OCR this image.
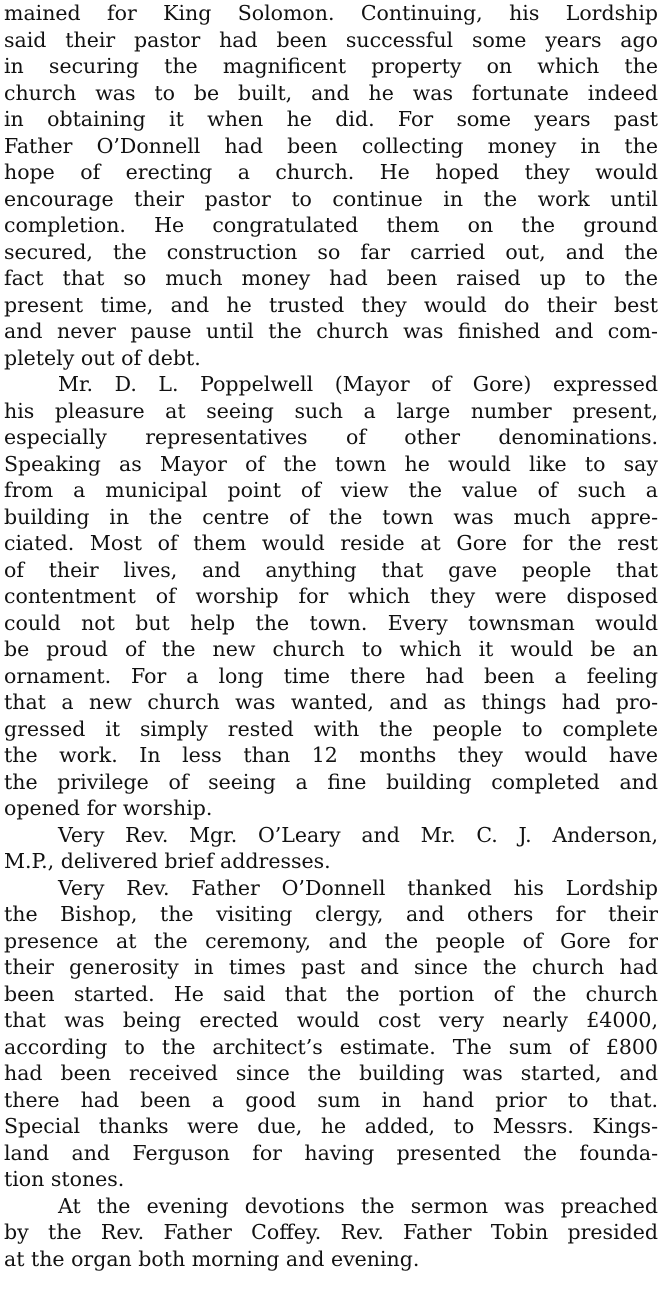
mained for King Solomon. Continuing, his Lordship
said their pastor had been successful some years ago
in securing the magnificent property on which the
church was to be built, and he was fortunate indeed
in obtaining it when he did. For some years past
Father O’Donnell had been collecting money in the
hope of erecting a church. He hoped they would
encourage their pastor to continue in the work until
completion. He congratulated them on the ground
secured, the construction so far carried out, and the
fact that so much money had been raised up to the
present time, and he trusted they would do their best
and never pause until the church was finished and com-
pletely out of debt.
Mr. D. L. Poppelwell (Mayor of Gore) expressed
his pleasure at seeing such a large number present,
especially representatives of other denominations.
Speaking as Mayor of the town he would like to say
from a municipal point of view the value of such a
building in the centre of the town was much appre-
ciated. Most of them would reside at Gore for the rest
of their lives, and anything that gave people that
contentment of worship for which they were disposed
could not but help the town. Every townsman would
be proud of the new church to which it would be an
ornament. For a long time there had been a feeling
that a new church was wanted, and as things had pro-
gressed it simply rested with the people to complete
the work. In less than 12 months they would have
the privilege of seeing a fine building completed and
opened for worship.
Very Rev. Mgr. O’Leary and Mr. C. J. Anderson,
M.P., delivered brief addresses.
Very Rev. Father O’Donnell thanked his Lordship
the Bishop, the visiting clergy, and others for their
presence at the ceremony, and the people of Gore for
their generosity in times past and since the church had
been started. He said that the portion of the church
that was being erected would cost very nearly £4000,
according to the architect’s estimate. The sum of £800
had been received since the building was started, and
there had been a good sum in hand prior to that.
Special thanks were due, he added, to Messrs. Kings-
land and Ferguson for having presented the founda-
tion stones.
At the evening devotions the sermon was preached
by the Rev. Father Coffey. Rev. Father Tobin presided
at the organ both morning and evening.
